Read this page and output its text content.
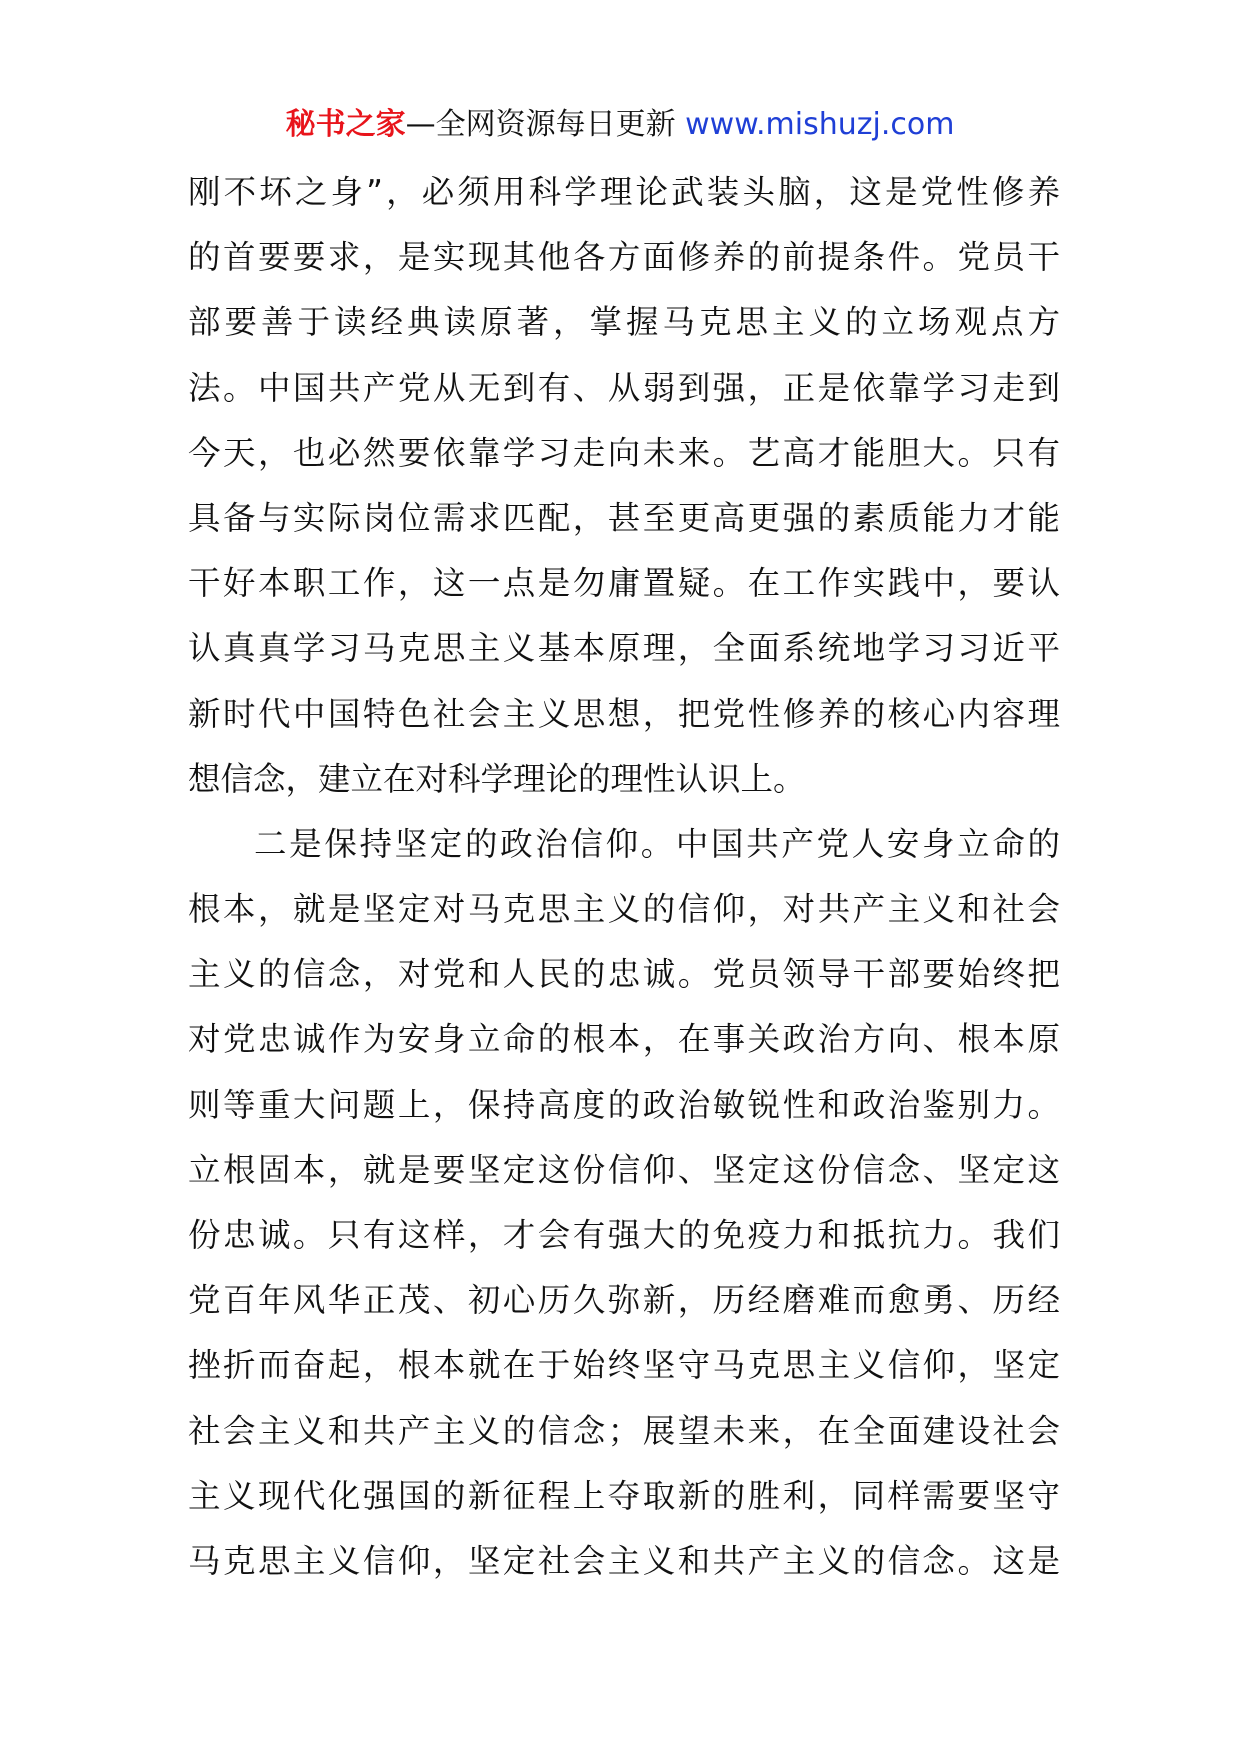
秘书之家—全网资源每日更新 www.mishuzj.com
刚不坏之身”，必须用科学理论武装头脑，这是党性修养
的首要要求，是实现其他各方面修养的前提条件。党员干
部要善于读经典读原著，掌握马克思主义的立场观点方
法。中国共产党从无到有、从弱到强，正是依靠学习走到
今天，也必然要依靠学习走向未来。艺高才能胆大。只有
具备与实际岗位需求匹配，甚至更高更强的素质能力才能
干好本职工作，这一点是勿庸置疑。在工作实践中，要认
认真真学习马克思主义基本原理，全面系统地学习习近平
新时代中国特色社会主义思想，把党性修养的核心内容理
想信念，建立在对科学理论的理性认识上。
二是保持坚定的政治信仰。中国共产党人安身立命的
根本，就是坚定对马克思主义的信仰，对共产主义和社会
主义的信念，对党和人民的忠诚。党员领导干部要始终把
对党忠诚作为安身立命的根本，在事关政治方向、根本原
则等重大问题上，保持高度的政治敏锐性和政治鉴别力。
立根固本，就是要坚定这份信仰、坚定这份信念、坚定这
份忠诚。只有这样，才会有强大的免疫力和抵抗力。我们
党百年风华正茂、初心历久弥新，历经磨难而愈勇、历经
挫折而奋起，根本就在于始终坚守马克思主义信仰，坚定
社会主义和共产主义的信念；展望未来，在全面建设社会
主义现代化强国的新征程上夺取新的胜利，同样需要坚守
马克思主义信仰，坚定社会主义和共产主义的信念。这是
